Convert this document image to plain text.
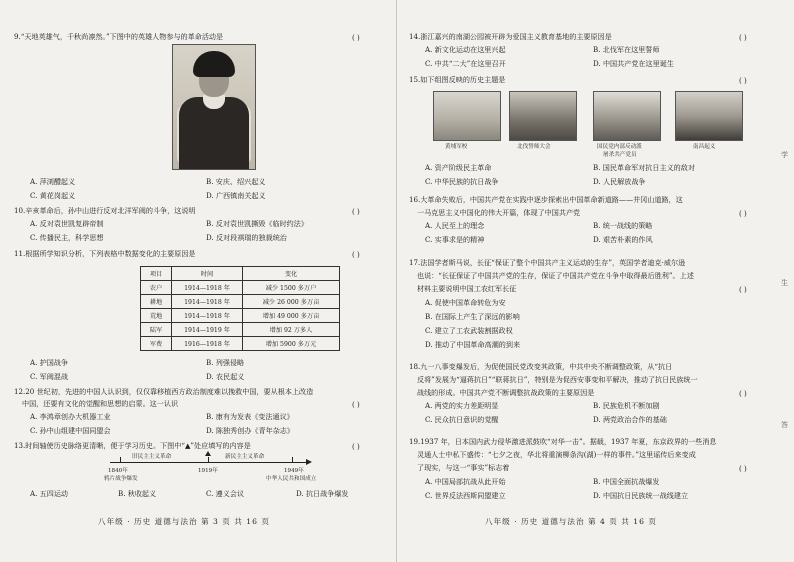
9.“天地英雄气，千秋尚凛然。”下图中的英雄人物参与的革命活动是	( )
A. 萍浏醴起义	B. 安庆、绍兴起义
C. 黄花岗起义	D. 广西镇南关起义
10.辛亥革命后，孙中山进行反对北洋军阀的斗争，这说明	( )
A. 反对袁世凯复辟帝制	B. 反对袁世凯撕毁《临时约法》
C. 传播民主，科学思想	D. 反对段祺瑞的独裁统治
11.根据所学知识分析，下列表格中数据变化的主要原因是	( )
项目	时间	变化
农户	1914—1918 年	减少 1500 多万户
耕地	1914—1918 年	减少 26 000 多万亩
荒地	1914—1918 年	增加 49 000 多万亩
陆军	1914—1919 年	增加 92 万多人
军费	1916—1918 年	增加 5900 多万元
A. 护国战争	B. 列强侵略
C. 军阀混战	D. 农民起义
12.20 世纪初，先进的中国人认识到，仅仅靠移植西方政治制度难以挽救中国，要从根本上改造
中国，还要有文化的觉醒和思想的启蒙。这一认识	( )
A. 李鸿章创办大机器工业	B. 康有为发表《变法通议》
C. 孙中山组建中国同盟会	D. 陈独秀创办《青年杂志》
13.时间轴使历史脉络更清晰，便于学习历史。下图中“▲”处应填写的内容是	( )
旧民主主义革命	新民主主义革命
1840年
鸦片战争爆发
1919年	1949年
中华人民共和国成立
A. 五四运动	B. 秋收起义	C. 遵义会议	D. 抗日战争爆发
八年级 · 历史 道德与法治 第 3 页 共 16 页
14.浙江嘉兴的南湖公园被开辟为爱国主义教育基地的主要原因是	( )
A. 新文化运动在这里兴起	B. 北伐军在这里誓师
C. 中共“二大”在这里召开	D. 中国共产党在这里诞生
15.如下组图反映的历史主题是	( )
黄埔军校	北伐誓师大会	国民党内部反动派
屠杀共产党员
南昌起义
A. 资产阶级民主革命	B. 国民革命军对抗日主义的敌对
C. 中华民族的抗日战争	D. 人民解放战争
16.大革命失败后，中国共产党在实践中逐步探索出中国革命新道路——井冈山道路，这
一马克思主义中国化的伟大开篇，体现了中国共产党	( )
A. 人民至上的理念	B. 统一战线的策略
C. 实事求是的精神	D. 艰苦朴素的作风
17.法国学者斯马说，长征“保证了整个中国共产主义运动的生存”，英国学者迪克·威尔逊
也说：“长征保证了中国共产党的生存，保证了中国共产党在斗争中取得最后胜利”。上述
材料主要说明中国工农红军长征	( )
A. 促使中国革命转危为安
B. 在国际上产生了深远的影响
C. 建立了工农武装割据政权
D. 推动了中国革命高潮的到来
18.九一八事变爆发后，为促使国民党改变其政策，中共中央不断调整政策，从“抗日
反将”发展为“逼蒋抗日”“联蒋抗日”，特别是为促西安事变和平解决，推动了抗日民族统一
战线的形成。中国共产党不断调整抗战政策的主要原因是	( )
A. 两党的实力差距明显	B. 民族危机不断加剧
C. 民众抗日意识的觉醒	D. 两党政治合作的基础
19.1937 年，日本国内武力侵华激进派鼓吹“对华一击”。据载，1937 年夏，东京政界的一些消息
灵通人士中私下盛传：“七夕之夜，华北将重演柳条沟(湖)一样的事件。”这里谣传后来变成
了现实，与这一“事实”标志着	( )
A. 中国局部抗战从此开始	B. 中国全面抗战爆发
C. 世界反法西斯同盟建立	D. 中国抗日民族统一战线建立
八年级 · 历史 道德与法治 第 4 页 共 16 页
学
生
答
